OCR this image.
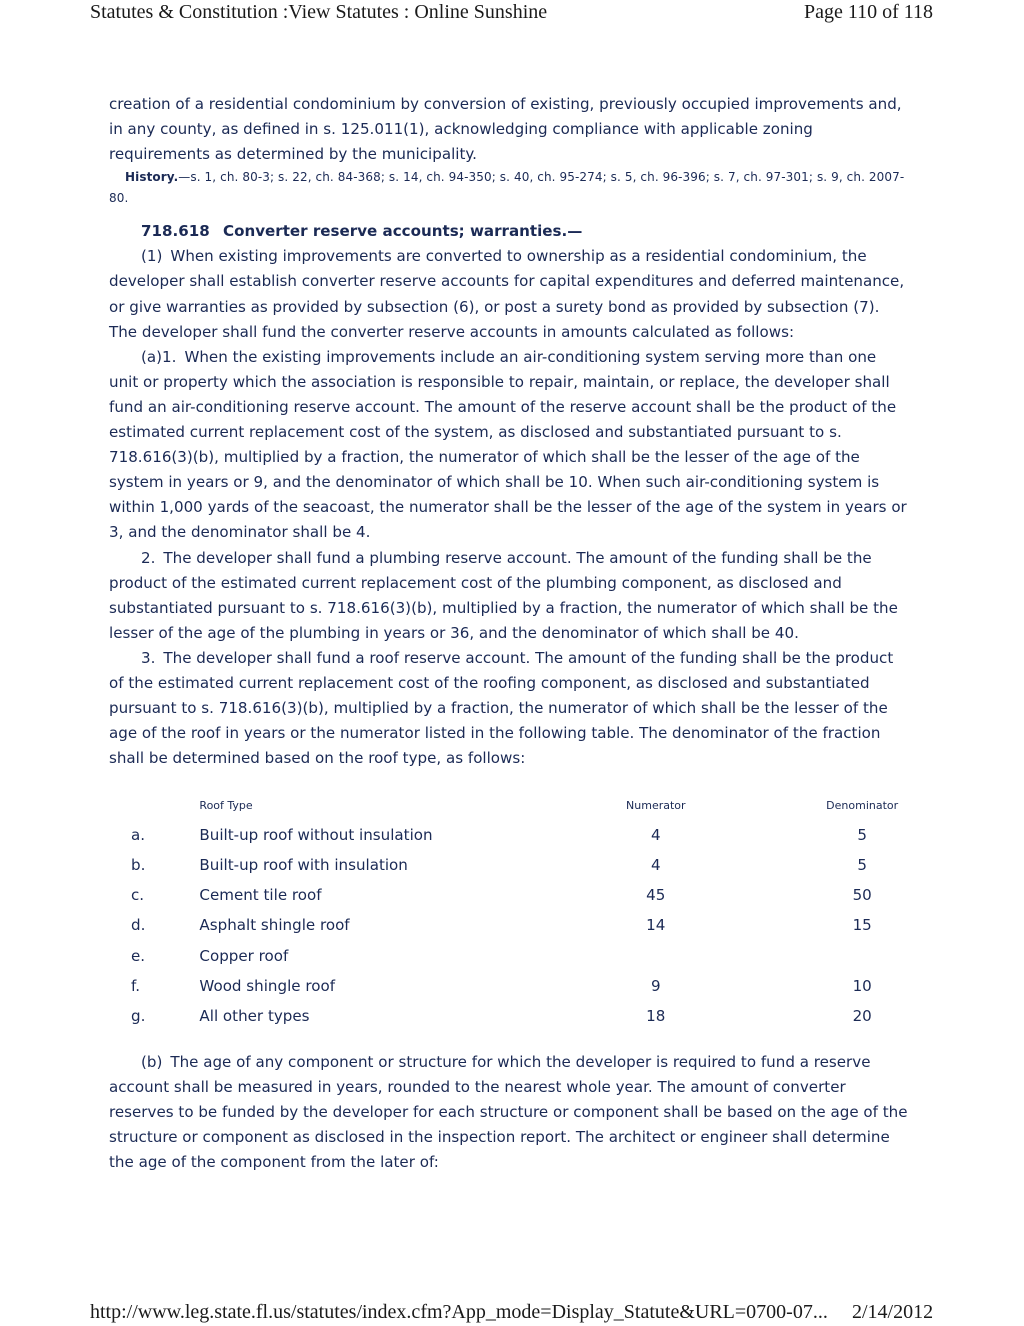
Statutes & Constitution :View Statutes : Online Sunshine	Page 110 of 118

creation of a residential condominium by conversion of existing, previously occupied improvements and, in any county, as defined in s. 125.011(1), acknowledging compliance with applicable zoning requirements as determined by the municipality.

History.—s. 1, ch. 80-3; s. 22, ch. 84-368; s. 14, ch. 94-350; s. 40, ch. 95-274; s. 5, ch. 96-396; s. 7, ch. 97-301; s. 9, ch. 2007-80.

718.618 Converter reserve accounts; warranties.—

(1) When existing improvements are converted to ownership as a residential condominium, the developer shall establish converter reserve accounts for capital expenditures and deferred maintenance, or give warranties as provided by subsection (6), or post a surety bond as provided by subsection (7). The developer shall fund the converter reserve accounts in amounts calculated as follows:

(a)1. When the existing improvements include an air-conditioning system serving more than one unit or property which the association is responsible to repair, maintain, or replace, the developer shall fund an air-conditioning reserve account. The amount of the reserve account shall be the product of the estimated current replacement cost of the system, as disclosed and substantiated pursuant to s. 718.616(3)(b), multiplied by a fraction, the numerator of which shall be the lesser of the age of the system in years or 9, and the denominator of which shall be 10. When such air-conditioning system is within 1,000 yards of the seacoast, the numerator shall be the lesser of the age of the system in years or 3, and the denominator shall be 4.

2. The developer shall fund a plumbing reserve account. The amount of the funding shall be the product of the estimated current replacement cost of the plumbing component, as disclosed and substantiated pursuant to s. 718.616(3)(b), multiplied by a fraction, the numerator of which shall be the lesser of the age of the plumbing in years or 36, and the denominator of which shall be 40.

3. The developer shall fund a roof reserve account. The amount of the funding shall be the product of the estimated current replacement cost of the roofing component, as disclosed and substantiated pursuant to s. 718.616(3)(b), multiplied by a fraction, the numerator of which shall be the lesser of the age of the roof in years or the numerator listed in the following table. The denominator of the fraction shall be determined based on the roof type, as follows:

	Roof Type	Numerator		Denominator
a.	Built-up roof without insulation	4		5
b.	Built-up roof with insulation	4		5
c.	Cement tile roof	45		50
d.	Asphalt shingle roof	14		15
e.	Copper roof			
f.	Wood shingle roof	9		10
g.	All other types	18		20

(b) The age of any component or structure for which the developer is required to fund a reserve account shall be measured in years, rounded to the nearest whole year. The amount of converter reserves to be funded by the developer for each structure or component shall be based on the age of the structure or component as disclosed in the inspection report. The architect or engineer shall determine the age of the component from the later of:

http://www.leg.state.fl.us/statutes/index.cfm?App_mode=Display_Statute&URL=0700-07... 2/14/2012
